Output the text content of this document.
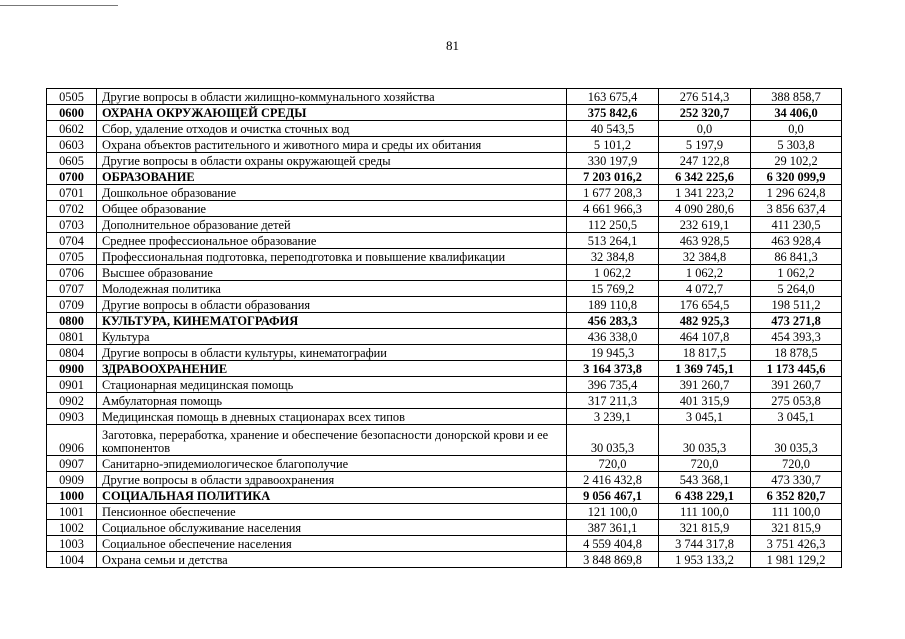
81
0505	Другие вопросы в области жилищно-коммунального хозяйства	163 675,4	276 514,3	388 858,7
0600	ОХРАНА ОКРУЖАЮЩЕЙ СРЕДЫ	375 842,6	252 320,7	34 406,0
0602	Сбор, удаление отходов и очистка сточных вод	40 543,5	0,0	0,0
0603	Охрана объектов растительного и животного мира и среды их обитания	5 101,2	5 197,9	5 303,8
0605	Другие вопросы в области охраны окружающей среды	330 197,9	247 122,8	29 102,2
0700	ОБРАЗОВАНИЕ	7 203 016,2	6 342 225,6	6 320 099,9
0701	Дошкольное образование	1 677 208,3	1 341 223,2	1 296 624,8
0702	Общее образование	4 661 966,3	4 090 280,6	3 856 637,4
0703	Дополнительное образование детей	112 250,5	232 619,1	411 230,5
0704	Среднее профессиональное образование	513 264,1	463 928,5	463 928,4
0705	Профессиональная подготовка, переподготовка и повышение квалификации	32 384,8	32 384,8	86 841,3
0706	Высшее образование	1 062,2	1 062,2	1 062,2
0707	Молодежная политика	15 769,2	4 072,7	5 264,0
0709	Другие вопросы в области образования	189 110,8	176 654,5	198 511,2
0800	КУЛЬТУРА, КИНЕМАТОГРАФИЯ	456 283,3	482 925,3	473 271,8
0801	Культура	436 338,0	464 107,8	454 393,3
0804	Другие вопросы в области культуры, кинематографии	19 945,3	18 817,5	18 878,5
0900	ЗДРАВООХРАНЕНИЕ	3 164 373,8	1 369 745,1	1 173 445,6
0901	Стационарная медицинская помощь	396 735,4	391 260,7	391 260,7
0902	Амбулаторная помощь	317 211,3	401 315,9	275 053,8
0903	Медицинская помощь в дневных стационарах всех типов	3 239,1	3 045,1	3 045,1
0906	Заготовка, переработка, хранение и обеспечение безопасности донорской крови и ее компонентов	30 035,3	30 035,3	30 035,3
0907	Санитарно-эпидемиологическое благополучие	720,0	720,0	720,0
0909	Другие вопросы в области здравоохранения	2 416 432,8	543 368,1	473 330,7
1000	СОЦИАЛЬНАЯ ПОЛИТИКА	9 056 467,1	6 438 229,1	6 352 820,7
1001	Пенсионное обеспечение	121 100,0	111 100,0	111 100,0
1002	Социальное обслуживание населения	387 361,1	321 815,9	321 815,9
1003	Социальное обеспечение населения	4 559 404,8	3 744 317,8	3 751 426,3
1004	Охрана семьи и детства	3 848 869,8	1 953 133,2	1 981 129,2
